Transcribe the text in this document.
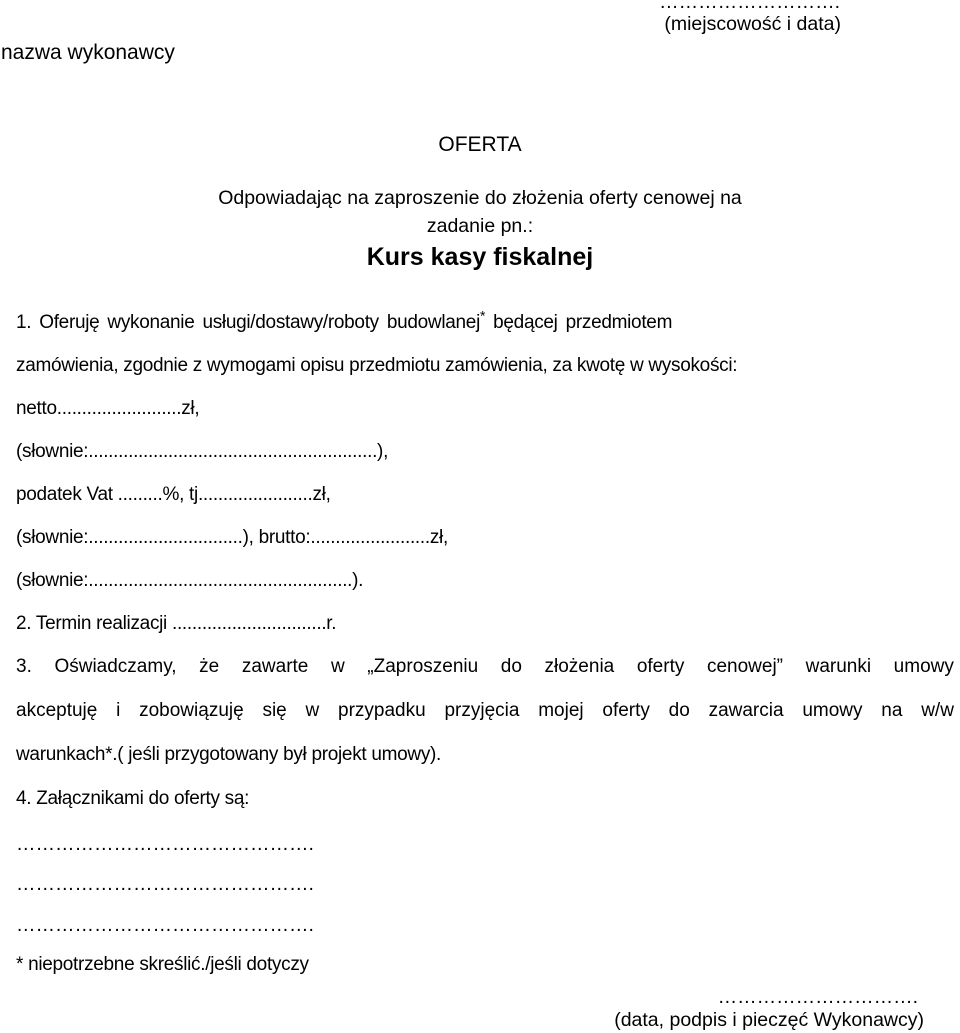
……………………….
(miejscowość i data)
nazwa wykonawcy
OFERTA
Odpowiadając na zaproszenie do złożenia oferty cenowej na
zadanie pn.:
Kurs kasy fiskalnej
1. Oferuję wykonanie usługi/dostawy/roboty budowlanej* będącej przedmiotem
zamówienia, zgodnie z wymogami opisu przedmiotu zamówienia, za kwotę w wysokości:
netto.........................zł,
(słownie:..........................................................),
podatek Vat .........%, tj.......................zł,
(słownie:...............................), brutto:........................zł,
(słownie:.....................................................).
2. Termin realizacji ...............................r.
3. Oświadczamy, że zawarte w „Zaproszeniu do złożenia oferty cenowej” warunki umowy
akceptuję i zobowiązuję się w przypadku przyjęcia mojej oferty do zawarcia umowy na w/w
warunkach*.( jeśli przygotowany był projekt umowy).
4. Załącznikami do oferty są:
……………………………………….
……………………………………….
……………………………………….
* niepotrzebne skreślić./jeśli dotyczy
………………………….
(data, podpis i pieczęć Wykonawcy)
